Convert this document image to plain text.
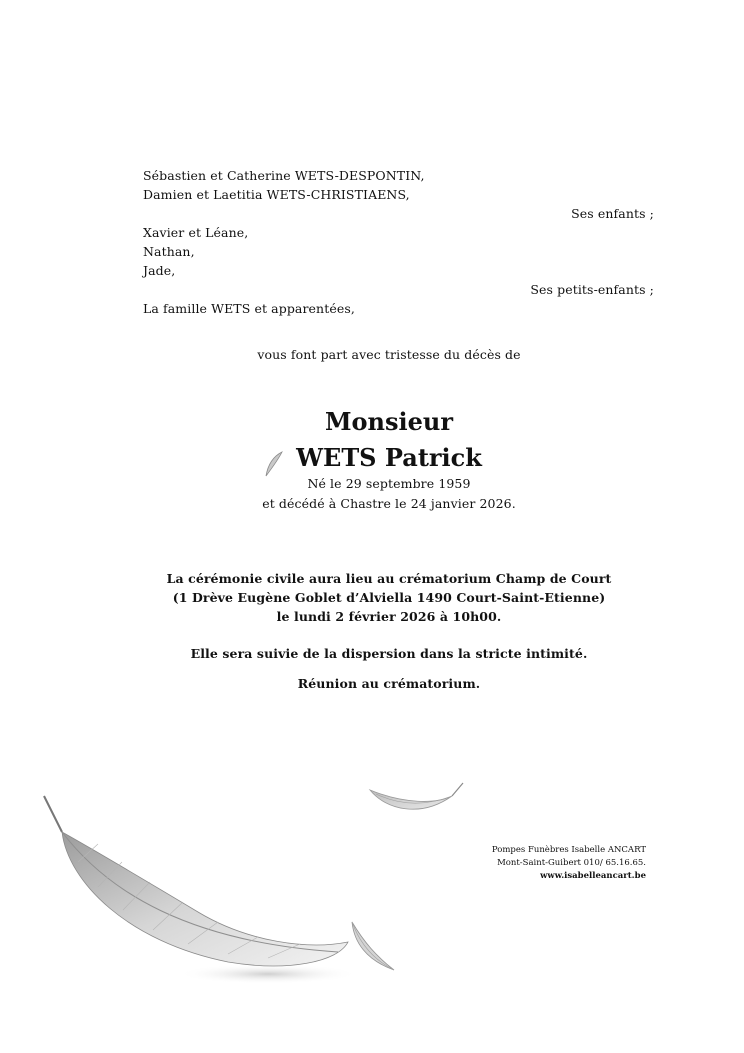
Sébastien et Catherine WETS-DESPONTIN,
Damien et Laetitia WETS-CHRISTIAENS,
Ses enfants ;
Xavier et Léane,
Nathan,
Jade,
Ses petits-enfants ;
La famille WETS et apparentées,
vous font part avec tristesse du décès de
Monsieur
WETS Patrick
Né le 29 septembre 1959
et décédé à Chastre le 24 janvier 2026.
La cérémonie civile aura lieu au crématorium Champ de Court
(1 Drève Eugène Goblet d’Alviella 1490 Court-Saint-Etienne)
le lundi 2 février 2026 à 10h00.
Elle sera suivie de la dispersion dans la stricte intimité.
Réunion au crématorium.
Pompes Funèbres Isabelle ANCART
Mont-Saint-Guibert 010/ 65.16.65.
www.isabelleancart.be
